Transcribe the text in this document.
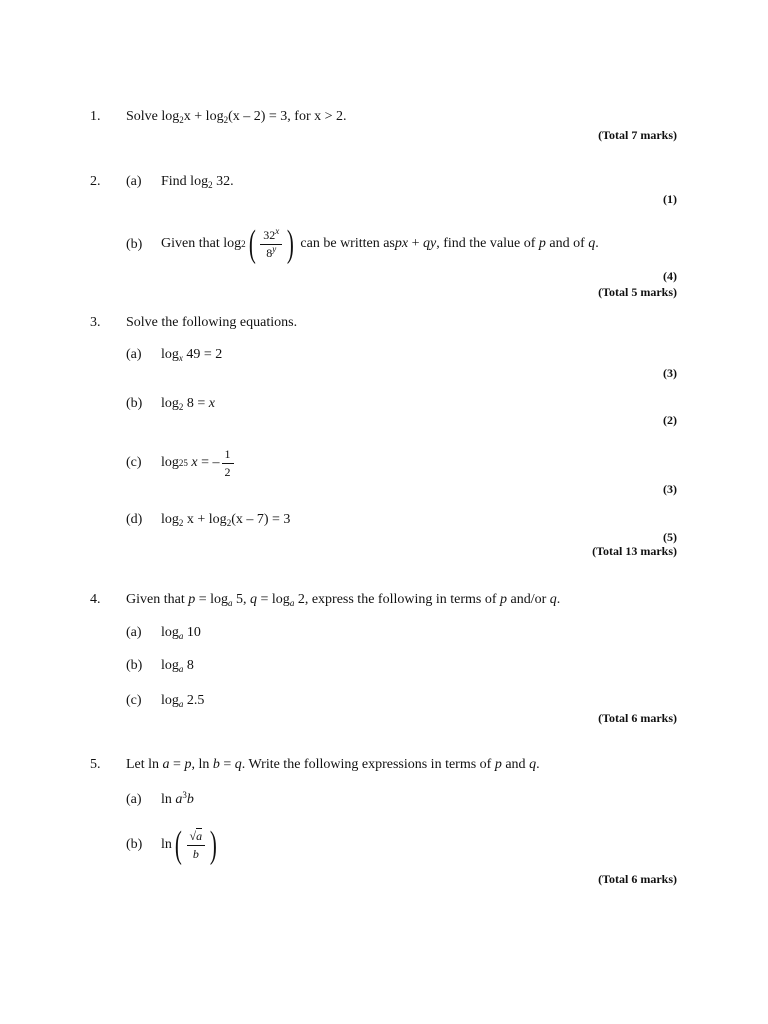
1. Solve $\log_2x + \log_2(x - 2) = 3$, for x > 2.
(Total 7 marks)
2. (a) Find $\log_2 32$.
(1)
(b) Given that log 2 ( $\frac{32^x}{8^y}$ )
can be written as px + qy , find the value of p and of q .
(4)
(Total 5 marks)
3. Solve the following equations.
(a) $\log_x 49 = 2$
(3)
(b) $\log_2 8 = x$
(2)
(c) log 25 x = – $\frac{1}{2}$
(3)
(d) $\log_2 x + \log_2(x - 7) = 3$
(5)
(Total 13 marks)
4. Given that $p = \log_a 5$, $q = \log_a 2$, express the following in terms of p and/or q.
(a) $\log_a 10$
(b) $\log_a 8$
(c) $\log_a 2.5$
(Total 6 marks)
5. Let ln a = p, ln b = q. Write the following expressions in terms of p and q.
(a) $\ln a^3b$
(b) ln ( $\frac{√a}{b}$ )
(Total 6 marks)
